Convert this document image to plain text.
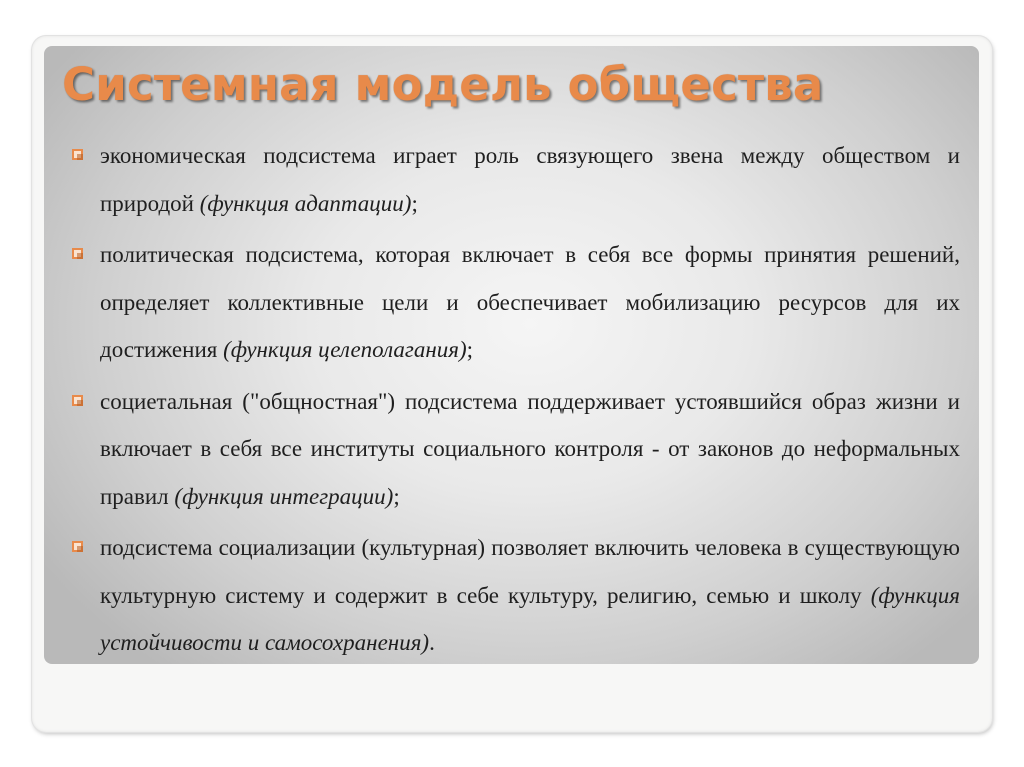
Системная модель общества
экономическая подсистема играет роль связующего звена между обществом и природой (функция адаптации);
политическая подсистема, которая включает в себя все формы принятия решений, определяет коллективные цели и обеспечивает мобилизацию ресурсов для их достижения (функция целеполагания);
социетальная ("общностная") подсистема поддерживает устоявшийся образ жизни и включает в себя все институты социального контроля - от законов до неформальных правил (функция интеграции);
подсистема социализации (культурная) позволяет включить человека в существующую культурную систему и содержит в себе культуру, религию, семью и школу (функция устойчивости и самосохранения).
